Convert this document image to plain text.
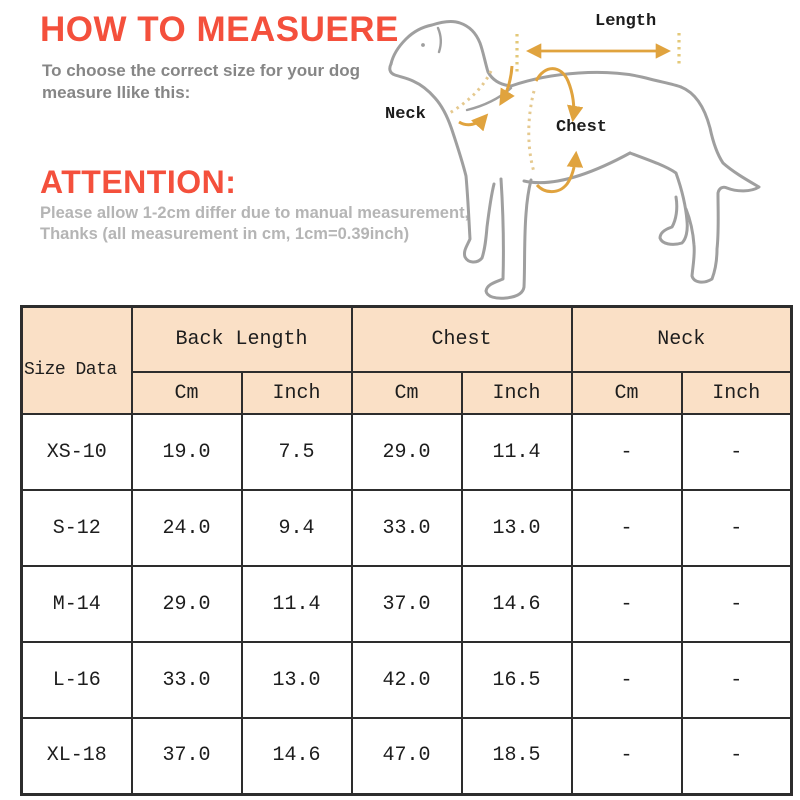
HOW TO MEASUERE
To choose the correct size for your dog
measure llike this:
ATTENTION:
Please allow 1-2cm differ due to manual measurement,
Thanks (all measurement in cm, 1cm=0.39inch)
Length
Neck
Chest
Size Data	Back Length		Chest		Neck	
	Cm	Inch	Cm	Inch	Cm	Inch
XS-10	19.0	7.5	29.0	11.4	-	-
S-12	24.0	9.4	33.0	13.0	-	-
M-14	29.0	11.4	37.0	14.6	-	-
L-16	33.0	13.0	42.0	16.5	-	-
XL-18	37.0	14.6	47.0	18.5	-	-
